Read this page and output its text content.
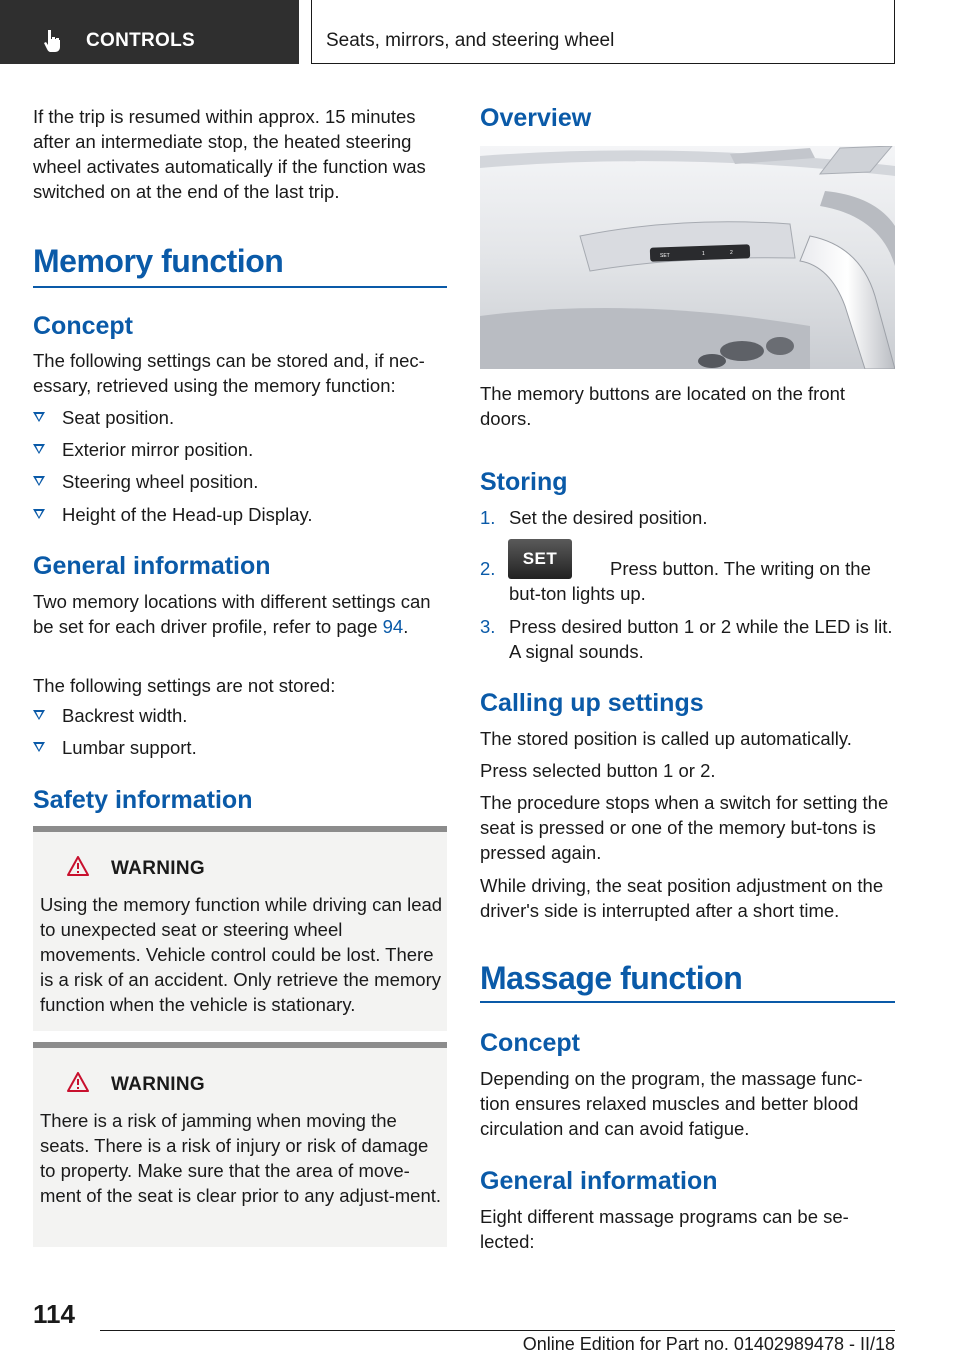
CONTROLS	Seats, mirrors, and steering wheel

If the trip is resumed within approx. 15 minutes after an intermediate stop, the heated steering wheel activates automatically if the function was switched on at the end of the last trip.

Memory function
Concept

The following settings can be stored and, if nec-essary, retrieved using the memory function:

Seat position.
Exterior mirror position.
Steering wheel position.
Height of the Head-up Display.
General information

Two memory locations with different settings can be set for each driver profile, refer to page 94.

The following settings are not stored:

Backrest width.
Lumbar support.
Safety information
WARNING
Using the memory function while driving can lead to unexpected seat or steering wheel movements. Vehicle control could be lost. There is a risk of an accident. Only retrieve the memory function when the vehicle is stationary.
WARNING
There is a risk of jamming when moving the seats. There is a risk of injury or risk of damage to property. Make sure that the area of move-ment of the seat is clear prior to any adjust-ment.
Overview
SET	1	2

The memory buttons are located on the front doors.

Storing
1. Set the desired position.
2.	Press button. The writing on the but-ton lights up.
SET
3. Press desired button 1 or 2 while the LED is lit. A signal sounds.
Calling up settings

The stored position is called up automatically.

Press selected button 1 or 2.

The procedure stops when a switch for setting the seat is pressed or one of the memory but-tons is pressed again.

While driving, the seat position adjustment on the driver's side is interrupted after a short time.

Massage function
Concept

Depending on the program, the massage func-tion ensures relaxed muscles and better blood circulation and can avoid fatigue.

General information

Eight different massage programs can be se-lected:

114
Online Edition for Part no. 01402989478 - II/18
